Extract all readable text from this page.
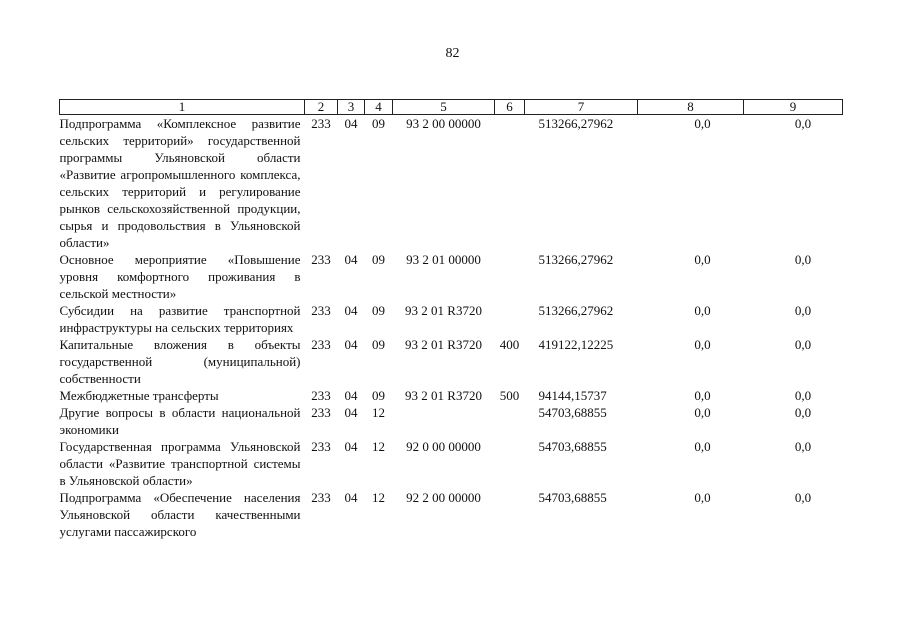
82
1	2	3	4	5	6	7	8	9
Подпрограмма «Комплексное развитие сельских территорий» государственной программы Ульяновской области «Развитие агропромышленного комплекса, сельских территорий и регулирование рынков сельскохозяйственной продукции, сырья и продовольствия в Ульяновской области»	233	04	09	93 2 00 00000		513266,27962	0,0	0,0
Основное мероприятие «Повышение уровня комфортного проживания в сельской местности»	233	04	09	93 2 01 00000		513266,27962	0,0	0,0
Субсидии на развитие транспортной инфраструктуры на сельских территориях	233	04	09	93 2 01 R3720		513266,27962	0,0	0,0
Капитальные вложения в объекты государственной (муниципальной) собственности	233	04	09	93 2 01 R3720	400	419122,12225	0,0	0,0
Межбюджетные трансферты	233	04	09	93 2 01 R3720	500	94144,15737	0,0	0,0
Другие вопросы в области национальной экономики	233	04	12			54703,68855	0,0	0,0
Государственная программа Ульяновской области «Развитие транспортной системы в Ульяновской области»	233	04	12	92 0 00 00000		54703,68855	0,0	0,0
Подпрограмма «Обеспечение населения Ульяновской области качественными услугами пассажирского	233	04	12	92 2 00 00000		54703,68855	0,0	0,0
